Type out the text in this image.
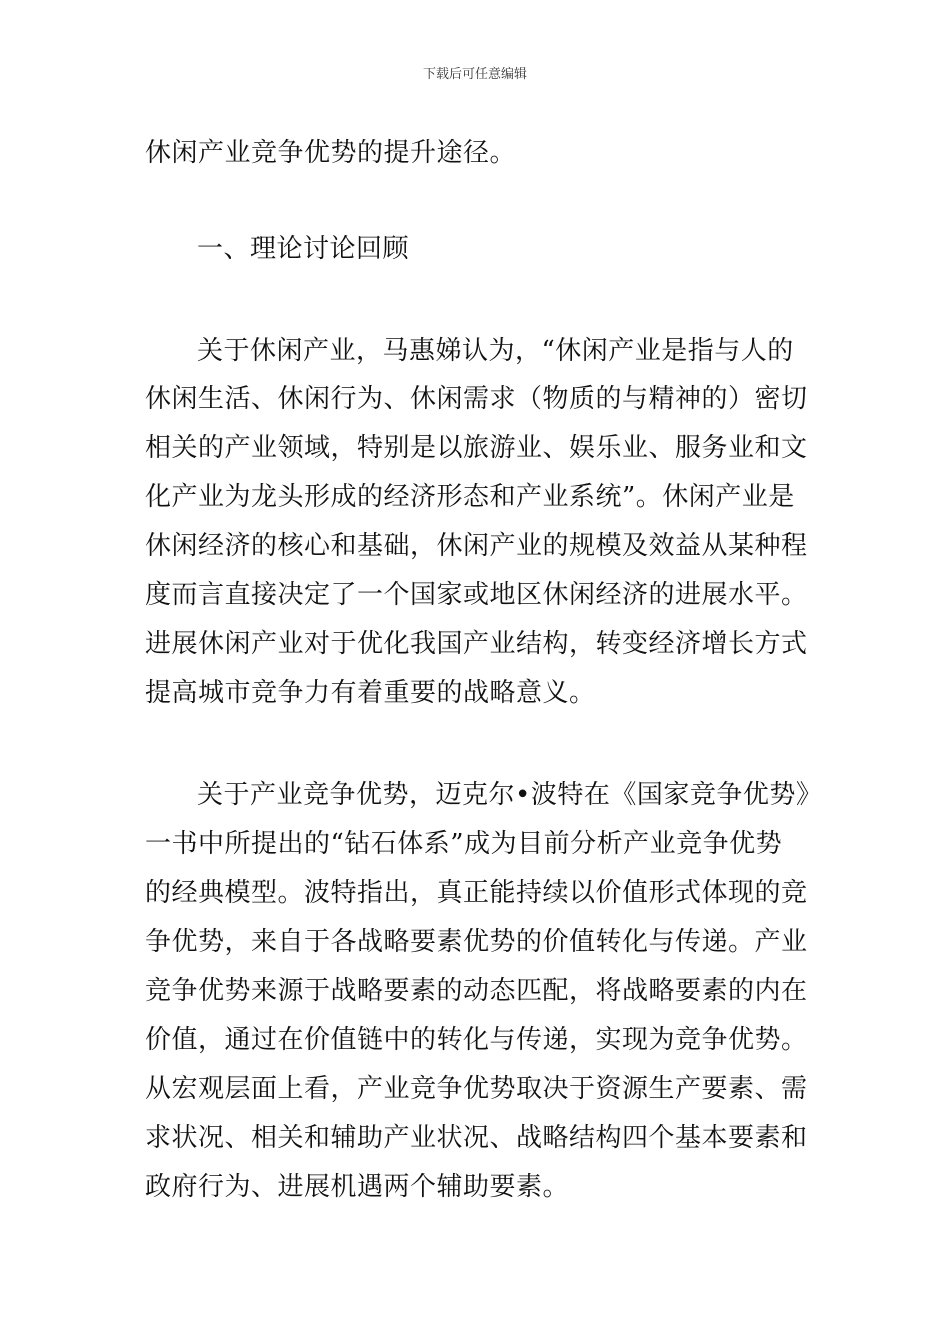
下载后可任意编辑
休闲产业竞争优势的提升途径。
一、理论讨论回顾
关于休闲产业，马惠娣认为，“休闲产业是指与人的
休闲生活、休闲行为、休闲需求（物质的与精神的）密切
相关的产业领域，特别是以旅游业、娱乐业、服务业和文
化产业为龙头形成的经济形态和产业系统”。休闲产业是
休闲经济的核心和基础，休闲产业的规模及效益从某种程
度而言直接决定了一个国家或地区休闲经济的进展水平。
进展休闲产业对于优化我国产业结构，转变经济增长方式
提高城市竞争力有着重要的战略意义。
关于产业竞争优势，迈克尔•波特在《国家竞争优势》
一书中所提出的“钻石体系”成为目前分析产业竞争优势
的经典模型。波特指出，真正能持续以价值形式体现的竞
争优势，来自于各战略要素优势的价值转化与传递。产业
竞争优势来源于战略要素的动态匹配，将战略要素的内在
价值，通过在价值链中的转化与传递，实现为竞争优势。
从宏观层面上看，产业竞争优势取决于资源生产要素、需
求状况、相关和辅助产业状况、战略结构四个基本要素和
政府行为、进展机遇两个辅助要素。
